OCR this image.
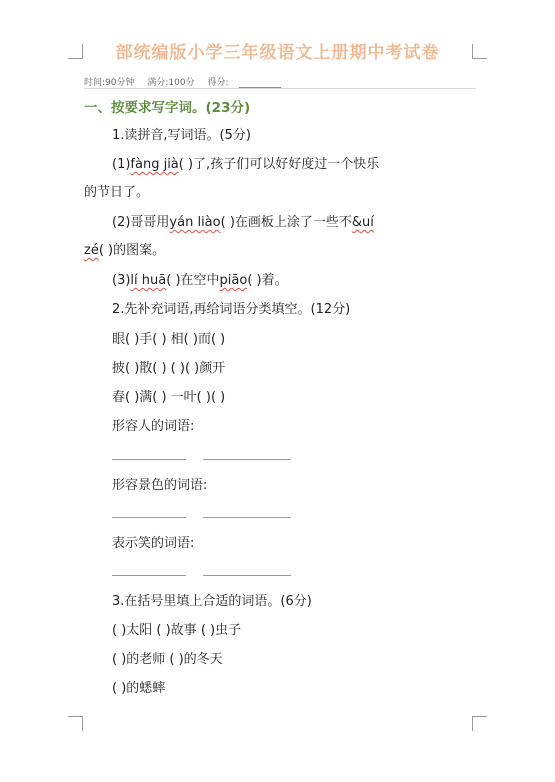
部统编版小学三年级语文上册期中考试卷
时间:90分钟 满分:100分 得分:
一、按要求写字词。(23分)
1.读拼音,写词语。(5分)
(1)fàng jià( )了,孩子们可以好好度过一个快乐
的节日了。
(2)哥哥用yán liào( )在画板上涂了一些不&uí
zé( )的图案。
(3)lí huā( )在空中piāo( )着。
2.先补充词语,再给词语分类填空。(12分)
眼( )手( ) 相( )而( )
披( )散( ) ( )( )颜开
春( )满( ) 一叶( )( )
形容人的词语:
形容景色的词语:
表示笑的词语:
3.在括号里填上合适的词语。(6分)
( )太阳 ( )故事 ( )虫子
( )的老师 ( )的冬天
( )的蟋蟀
